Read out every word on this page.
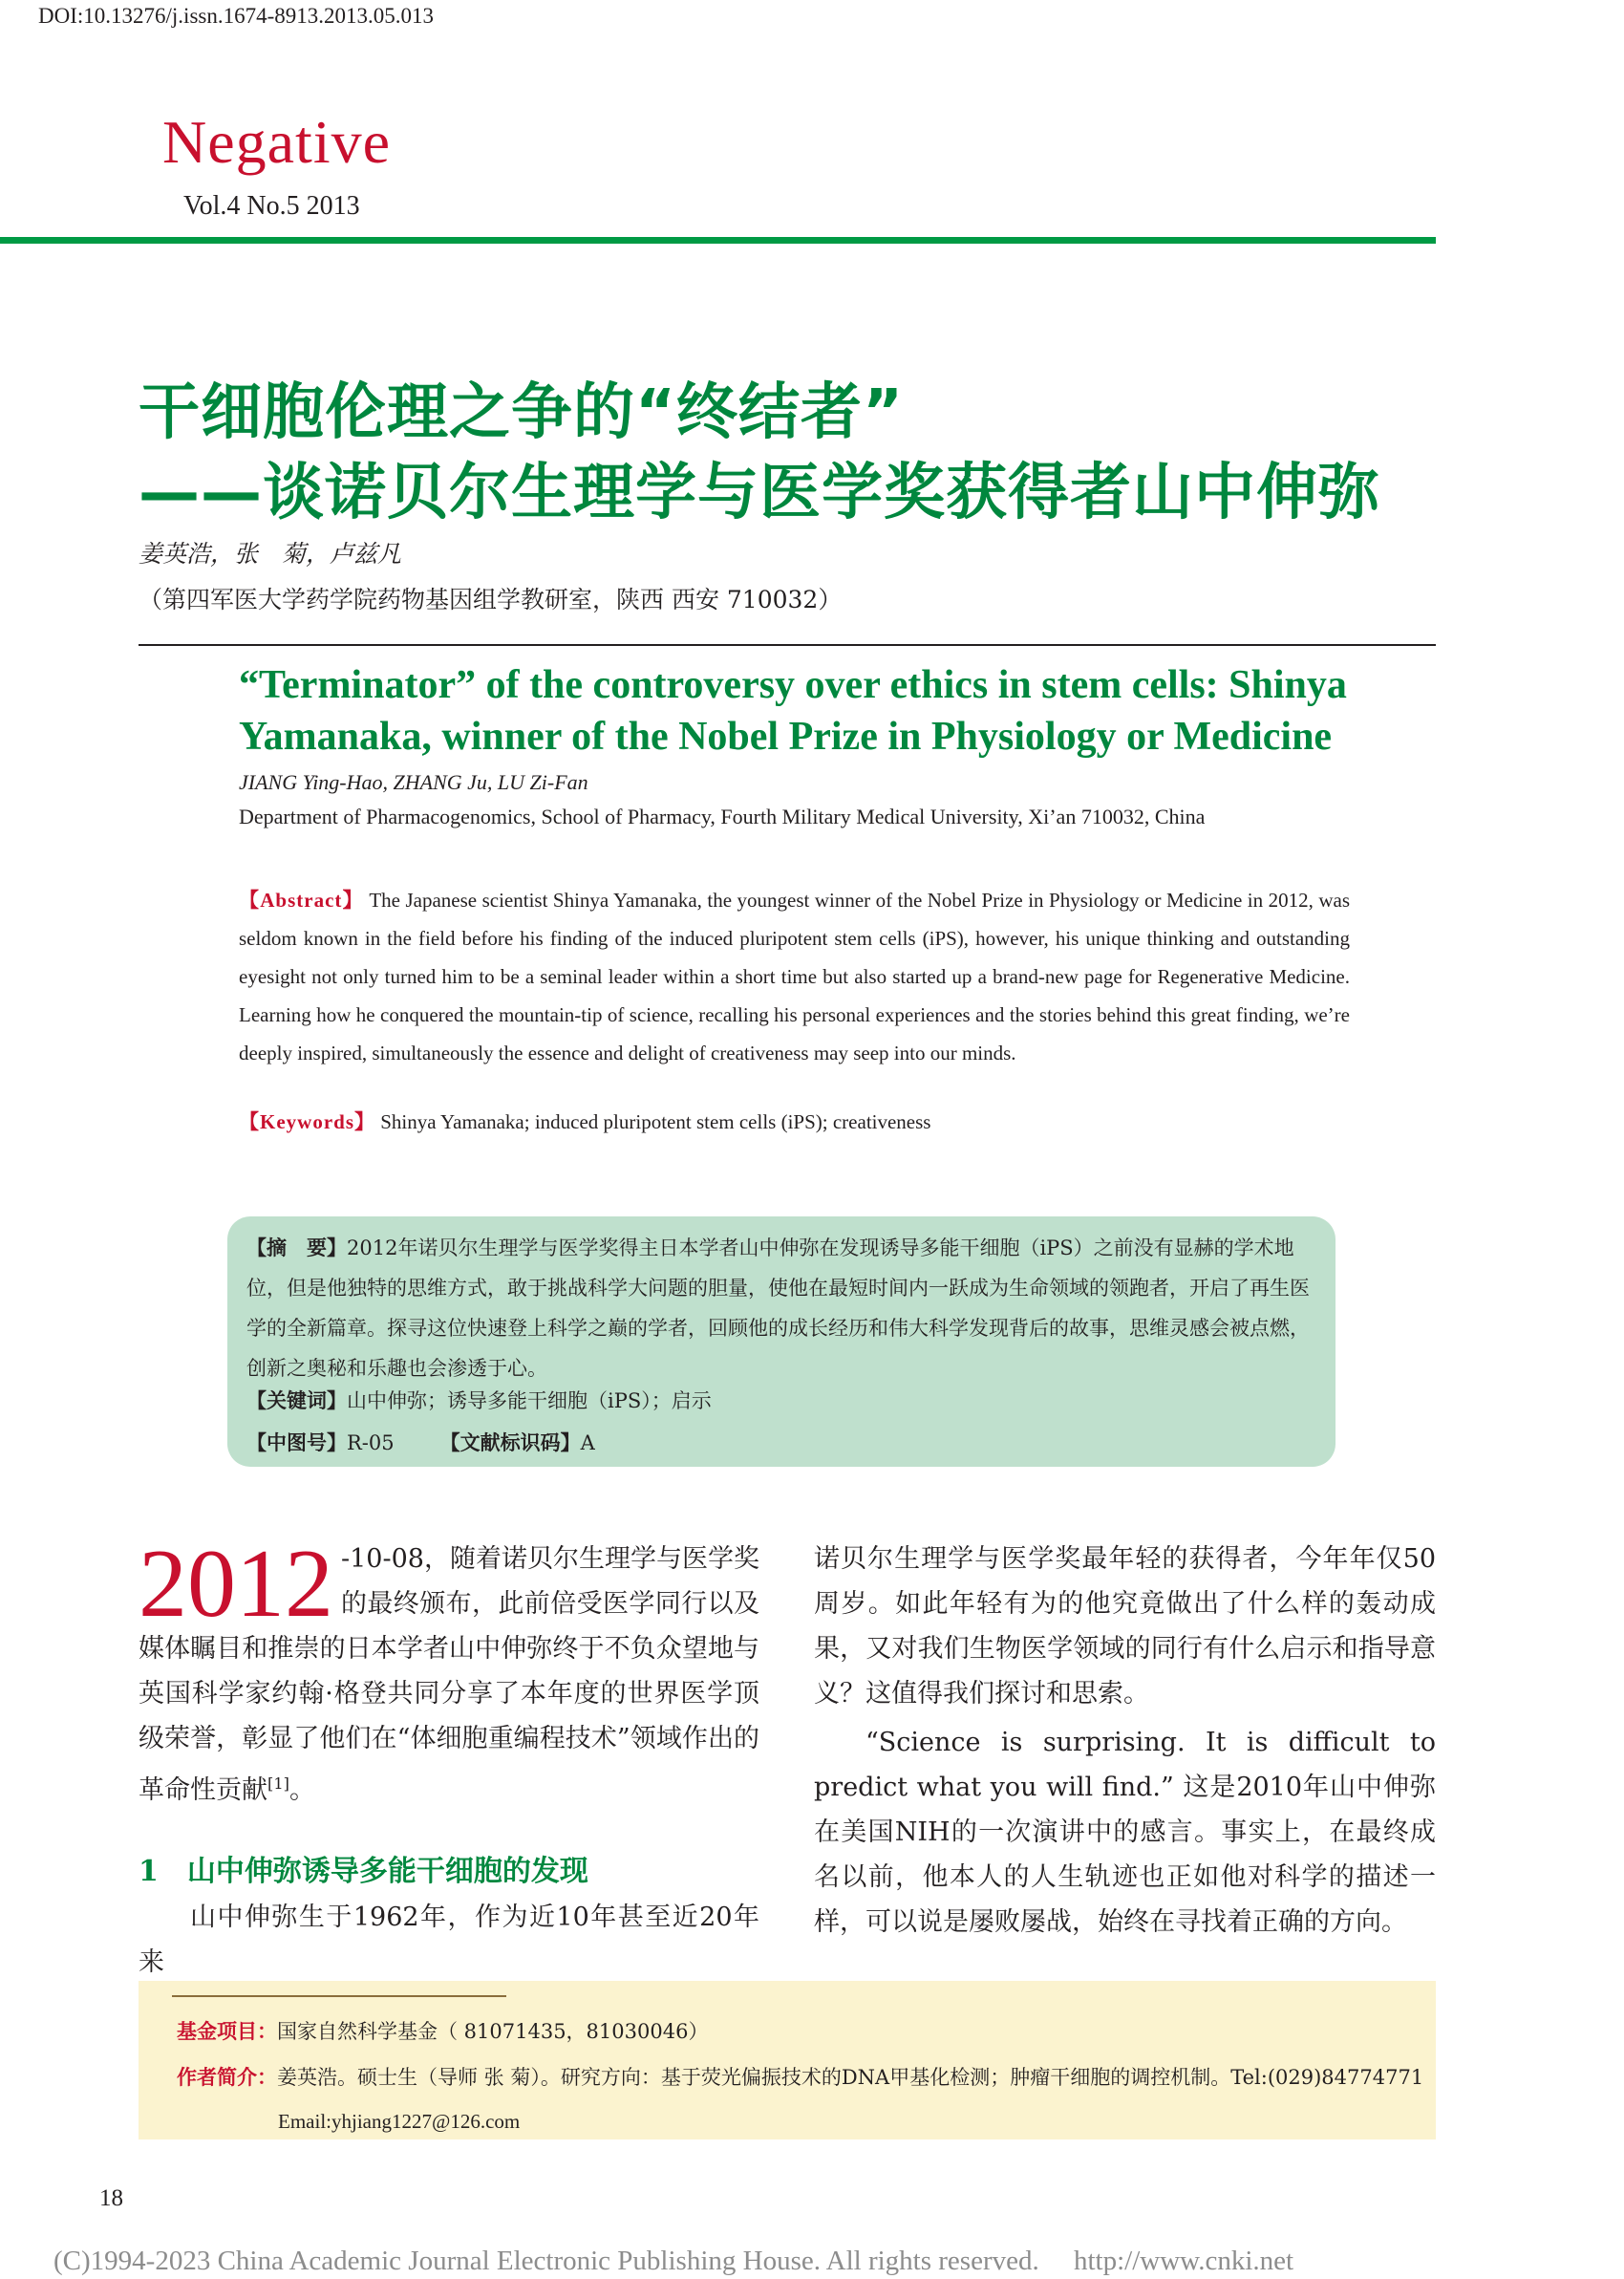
DOI:10.13276/j.issn.1674-8913.2013.05.013
Negative
Vol.4 No.5 2013
干细胞伦理之争的“终结者”
——谈诺贝尔生理学与医学奖获得者山中伸弥
姜英浩，张　菊，卢兹凡
（第四军医大学药学院药物基因组学教研室，陕西 西安 710032）
“Terminator” of the controversy over ethics in stem cells: Shinya Yamanaka, winner of the Nobel Prize in Physiology or Medicine
JIANG Ying-Hao, ZHANG Ju, LU Zi-Fan
Department of Pharmacogenomics, School of Pharmacy, Fourth Military Medical University, Xi’an 710032, China
【Abstract】 The Japanese scientist Shinya Yamanaka, the youngest winner of the Nobel Prize in Physiology or Medicine in 2012, was seldom known in the field before his finding of the induced pluripotent stem cells (iPS), however, his unique thinking and outstanding eyesight not only turned him to be a seminal leader within a short time but also started up a brand-new page for Regenerative Medicine. Learning how he conquered the mountain-tip of science, recalling his personal experiences and the stories behind this great finding, we’re deeply inspired, simultaneously the essence and delight of creativeness may seep into our minds.
【Keywords】 Shinya Yamanaka; induced pluripotent stem cells (iPS); creativeness
【摘　要】2012年诺贝尔生理学与医学奖得主日本学者山中伸弥在发现诱导多能干细胞（iPS）之前没有显赫的学术地位，但是他独特的思维方式，敢于挑战科学大问题的胆量，使他在最短时间内一跃成为生命领域的领跑者，开启了再生医学的全新篇章。探寻这位快速登上科学之巅的学者，回顾他的成长经历和伟大科学发现背后的故事，思维灵感会被点燃，创新之奥秘和乐趣也会渗透于心。
【关键词】山中伸弥；诱导多能干细胞（iPS）；启示
【中图号】R-05 【文献标识码】A
2012 -10-08，随着诺贝尔生理学与医学奖的最终颁布，此前倍受医学同行以及媒体瞩目和推崇的日本学者山中伸弥终于不负众望地与英国科学家约翰·格登共同分享了本年度的世界医学顶级荣誉，彰显了他们在“体细胞重编程技术”领域作出的革命性贡献[1]。
1　山中伸弥诱导多能干细胞的发现
山中伸弥生于1962年，作为近10年甚至近20年来
诺贝尔生理学与医学奖最年轻的获得者，今年年仅50周岁。如此年轻有为的他究竟做出了什么样的轰动成果，又对我们生物医学领域的同行有什么启示和指导意义？这值得我们探讨和思索。
“Science is surprising. It is difficult to predict what you will find.” 这是2010年山中伸弥在美国NIH的一次演讲中的感言。事实上，在最终成名以前，他本人的人生轨迹也正如他对科学的描述一样，可以说是屡败屡战，始终在寻找着正确的方向。
基金项目：国家自然科学基金（ 81071435，81030046）
作者简介：姜英浩。硕士生（导师 张 菊）。研究方向：基于荧光偏振技术的DNA甲基化检测；肿瘤干细胞的调控机制。Tel:(029)84774771
Email:yhjiang1227@126.com
18
(C)1994-2023 China Academic Journal Electronic Publishing House. All rights reserved.　 http://www.cnki.net
